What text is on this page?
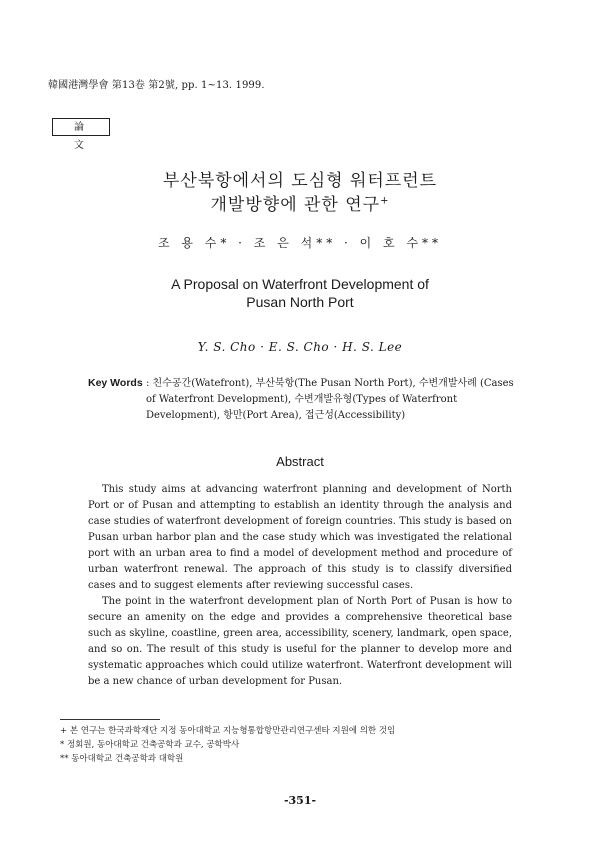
韓國港灣學會 第13卷 第2號, pp. 1~13. 1999.
論 文
부산북항에서의 도심형 워터프런트
개발방향에 관한 연구+
조 용 수* · 조 은 석** · 이 호 수**
A Proposal on Waterfront Development of
Pusan North Port
Y. S. Cho · E. S. Cho · H. S. Lee
Key Words : 친수공간(Watefront), 부산북항(The Pusan North Port), 수변개발사례 (Cases of Waterfront Development), 수변개발유형(Types of Waterfront Development), 항만(Port Area), 접근성(Accessibility)
Abstract

This study aims at advancing waterfront planning and development of North Port or of Pusan and attempting to establish an identity through the analysis and case studies of waterfront development of foreign countries. This study is based on Pusan urban harbor plan and the case study which was investigated the relational port with an urban area to find a model of development method and procedure of urban waterfront renewal. The approach of this study is to classify diversified cases and to suggest elements after reviewing successful cases.

The point in the waterfront development plan of North Port of Pusan is how to secure an amenity on the edge and provides a comprehensive theoretical base such as skyline, coastline, green area, accessibility, scenery, landmark, open space, and so on. The result of this study is useful for the planner to develop more and systematic approaches which could utilize waterfront. Waterfront development will be a new chance of urban development for Pusan.

+ 본 연구는 한국과학재단 지정 동아대학교 지능형통합항만관리연구센타 지원에 의한 것임
* 정회원, 동아대학교 건축공학과 교수, 공학박사
** 동아대학교 건축공학과 대학원
-351-
